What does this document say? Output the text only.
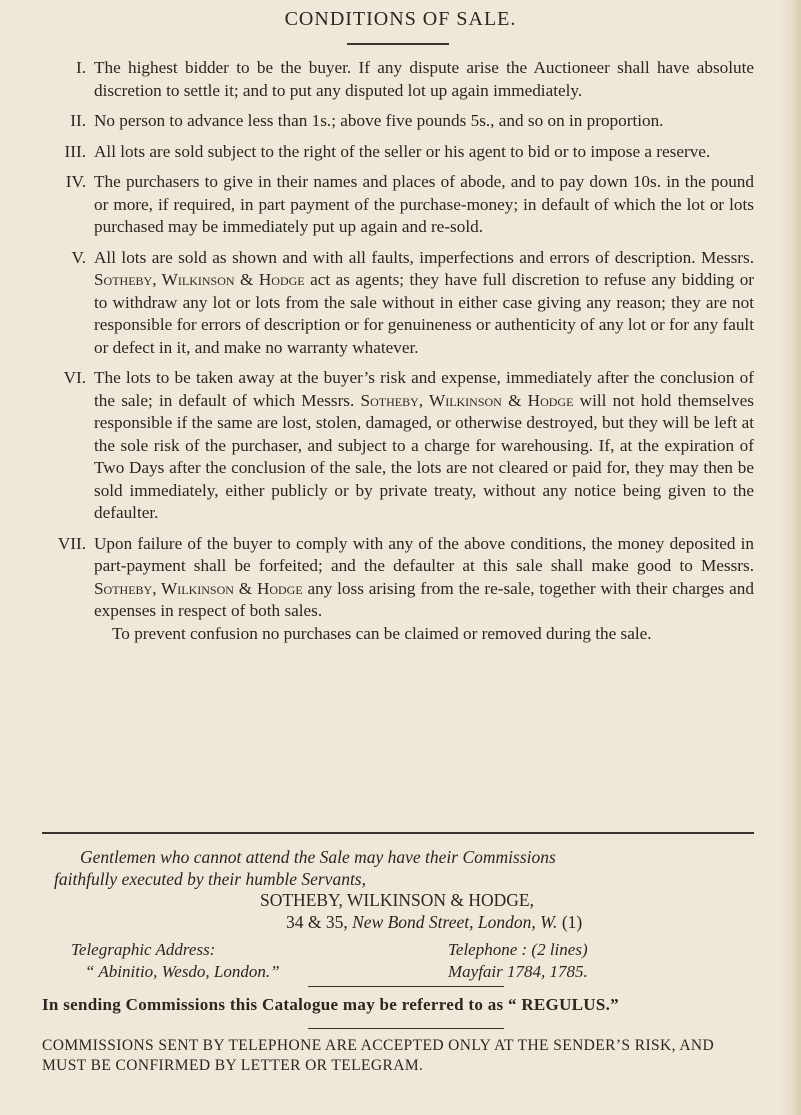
CONDITIONS OF SALE.
I. The highest bidder to be the buyer. If any dispute arise the Auctioneer shall have absolute discretion to settle it; and to put any disputed lot up again immediately.
II. No person to advance less than 1s.; above five pounds 5s., and so on in proportion.
III. All lots are sold subject to the right of the seller or his agent to bid or to impose a reserve.
IV. The purchasers to give in their names and places of abode, and to pay down 10s. in the pound or more, if required, in part payment of the purchase-money; in default of which the lot or lots purchased may be immediately put up again and re-sold.
V. All lots are sold as shown and with all faults, imperfections and errors of description. Messrs. Sotheby, Wilkinson & Hodge act as agents; they have full discretion to refuse any bidding or to withdraw any lot or lots from the sale without in either case giving any reason; they are not responsible for errors of description or for genuineness or authenticity of any lot or for any fault or defect in it, and make no warranty whatever.
VI. The lots to be taken away at the buyer’s risk and expense, immediately after the conclusion of the sale; in default of which Messrs. Sotheby, Wilkinson & Hodge will not hold themselves responsible if the same are lost, stolen, damaged, or otherwise destroyed, but they will be left at the sole risk of the purchaser, and subject to a charge for warehousing. If, at the expiration of Two Days after the conclusion of the sale, the lots are not cleared or paid for, they may then be sold immediately, either publicly or by private treaty, without any notice being given to the defaulter.
VII. Upon failure of the buyer to comply with any of the above conditions, the money deposited in part-payment shall be forfeited; and the defaulter at this sale shall make good to Messrs. Sotheby, Wilkinson & Hodge any loss arising from the re-sale, together with their charges and expenses in respect of both sales.
To prevent confusion no purchases can be claimed or removed during the sale.
Gentlemen who cannot attend the Sale may have their Commissions
faithfully executed by their humble Servants,
SOTHEBY, WILKINSON & HODGE,
34 & 35, New Bond Street, London, W. (1)
Telegraphic Address:
“ Abinitio, Wesdo, London.”
Telephone : (2 lines)
Mayfair 1784, 1785.
In sending Commissions this Catalogue may be referred to as “ REGULUS.”
COMMISSIONS SENT BY TELEPHONE ARE ACCEPTED ONLY AT THE SENDER’S RISK, AND MUST BE CONFIRMED BY LETTER OR TELEGRAM.
